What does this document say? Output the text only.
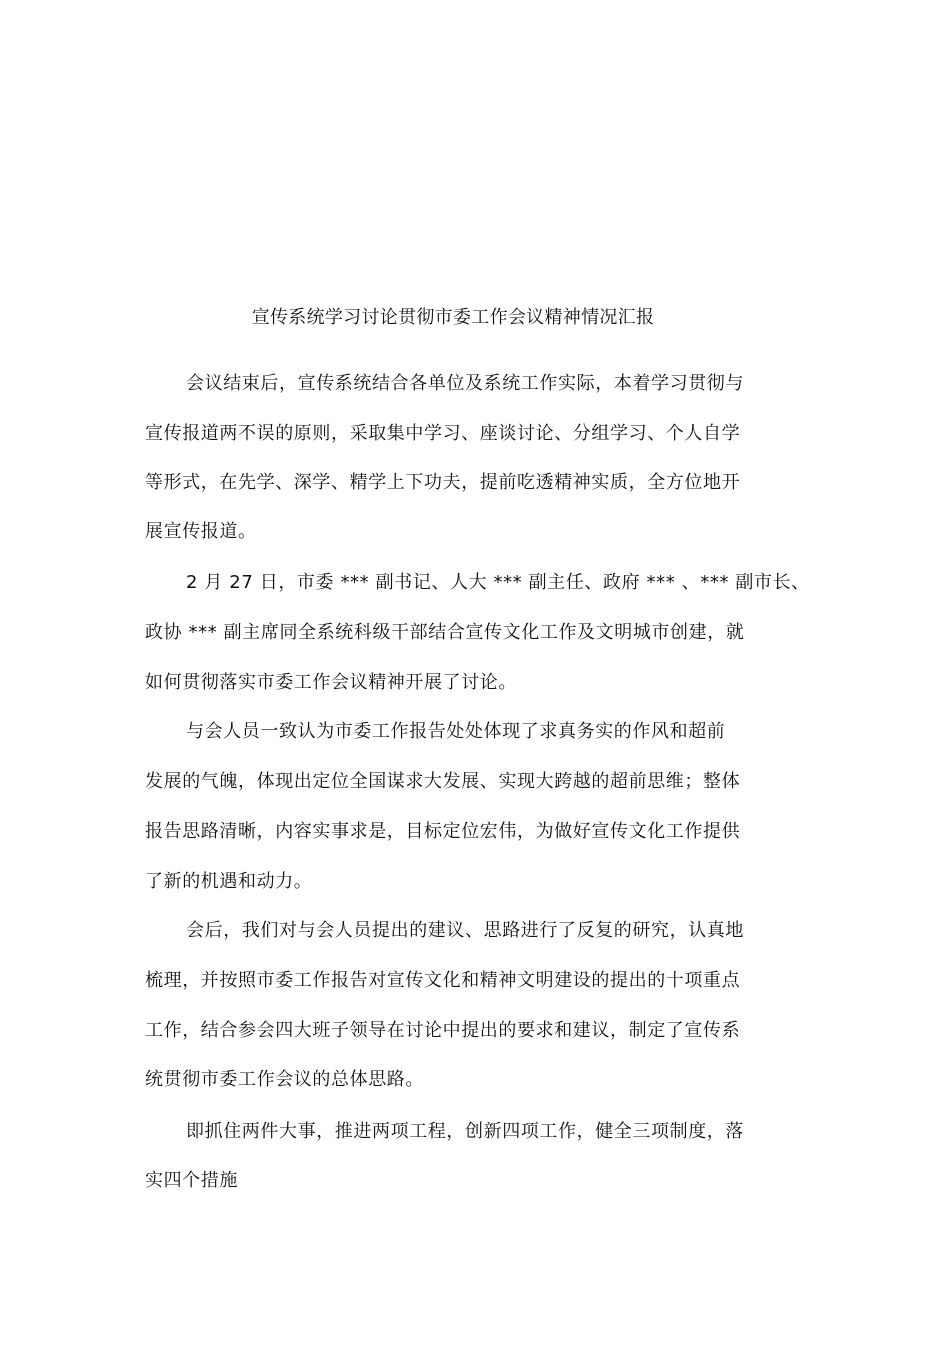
宣传系统学习讨论贯彻市委工作会议精神情况汇报
会议结束后，宣传系统结合各单位及系统工作实际，本着学习贯彻与
宣传报道两不误的原则，采取集中学习、座谈讨论、分组学习、个人自学
等形式，在先学、深学、精学上下功夫，提前吃透精神实质，全方位地开
展宣传报道。
2 月 27 日，市委 *** 副书记、人大 *** 副主任、政府 *** 、*** 副市长、
政协 *** 副主席同全系统科级干部结合宣传文化工作及文明城市创建，就
如何贯彻落实市委工作会议精神开展了讨论。
与会人员一致认为市委工作报告处处体现了求真务实的作风和超前
发展的气魄，体现出定位全国谋求大发展、实现大跨越的超前思维；整体
报告思路清晰，内容实事求是，目标定位宏伟，为做好宣传文化工作提供
了新的机遇和动力。
会后，我们对与会人员提出的建议、思路进行了反复的研究，认真地
梳理，并按照市委工作报告对宣传文化和精神文明建设的提出的十项重点
工作，结合参会四大班子领导在讨论中提出的要求和建议，制定了宣传系
统贯彻市委工作会议的总体思路。
即抓住两件大事，推进两项工程，创新四项工作，健全三项制度，落
实四个措施
